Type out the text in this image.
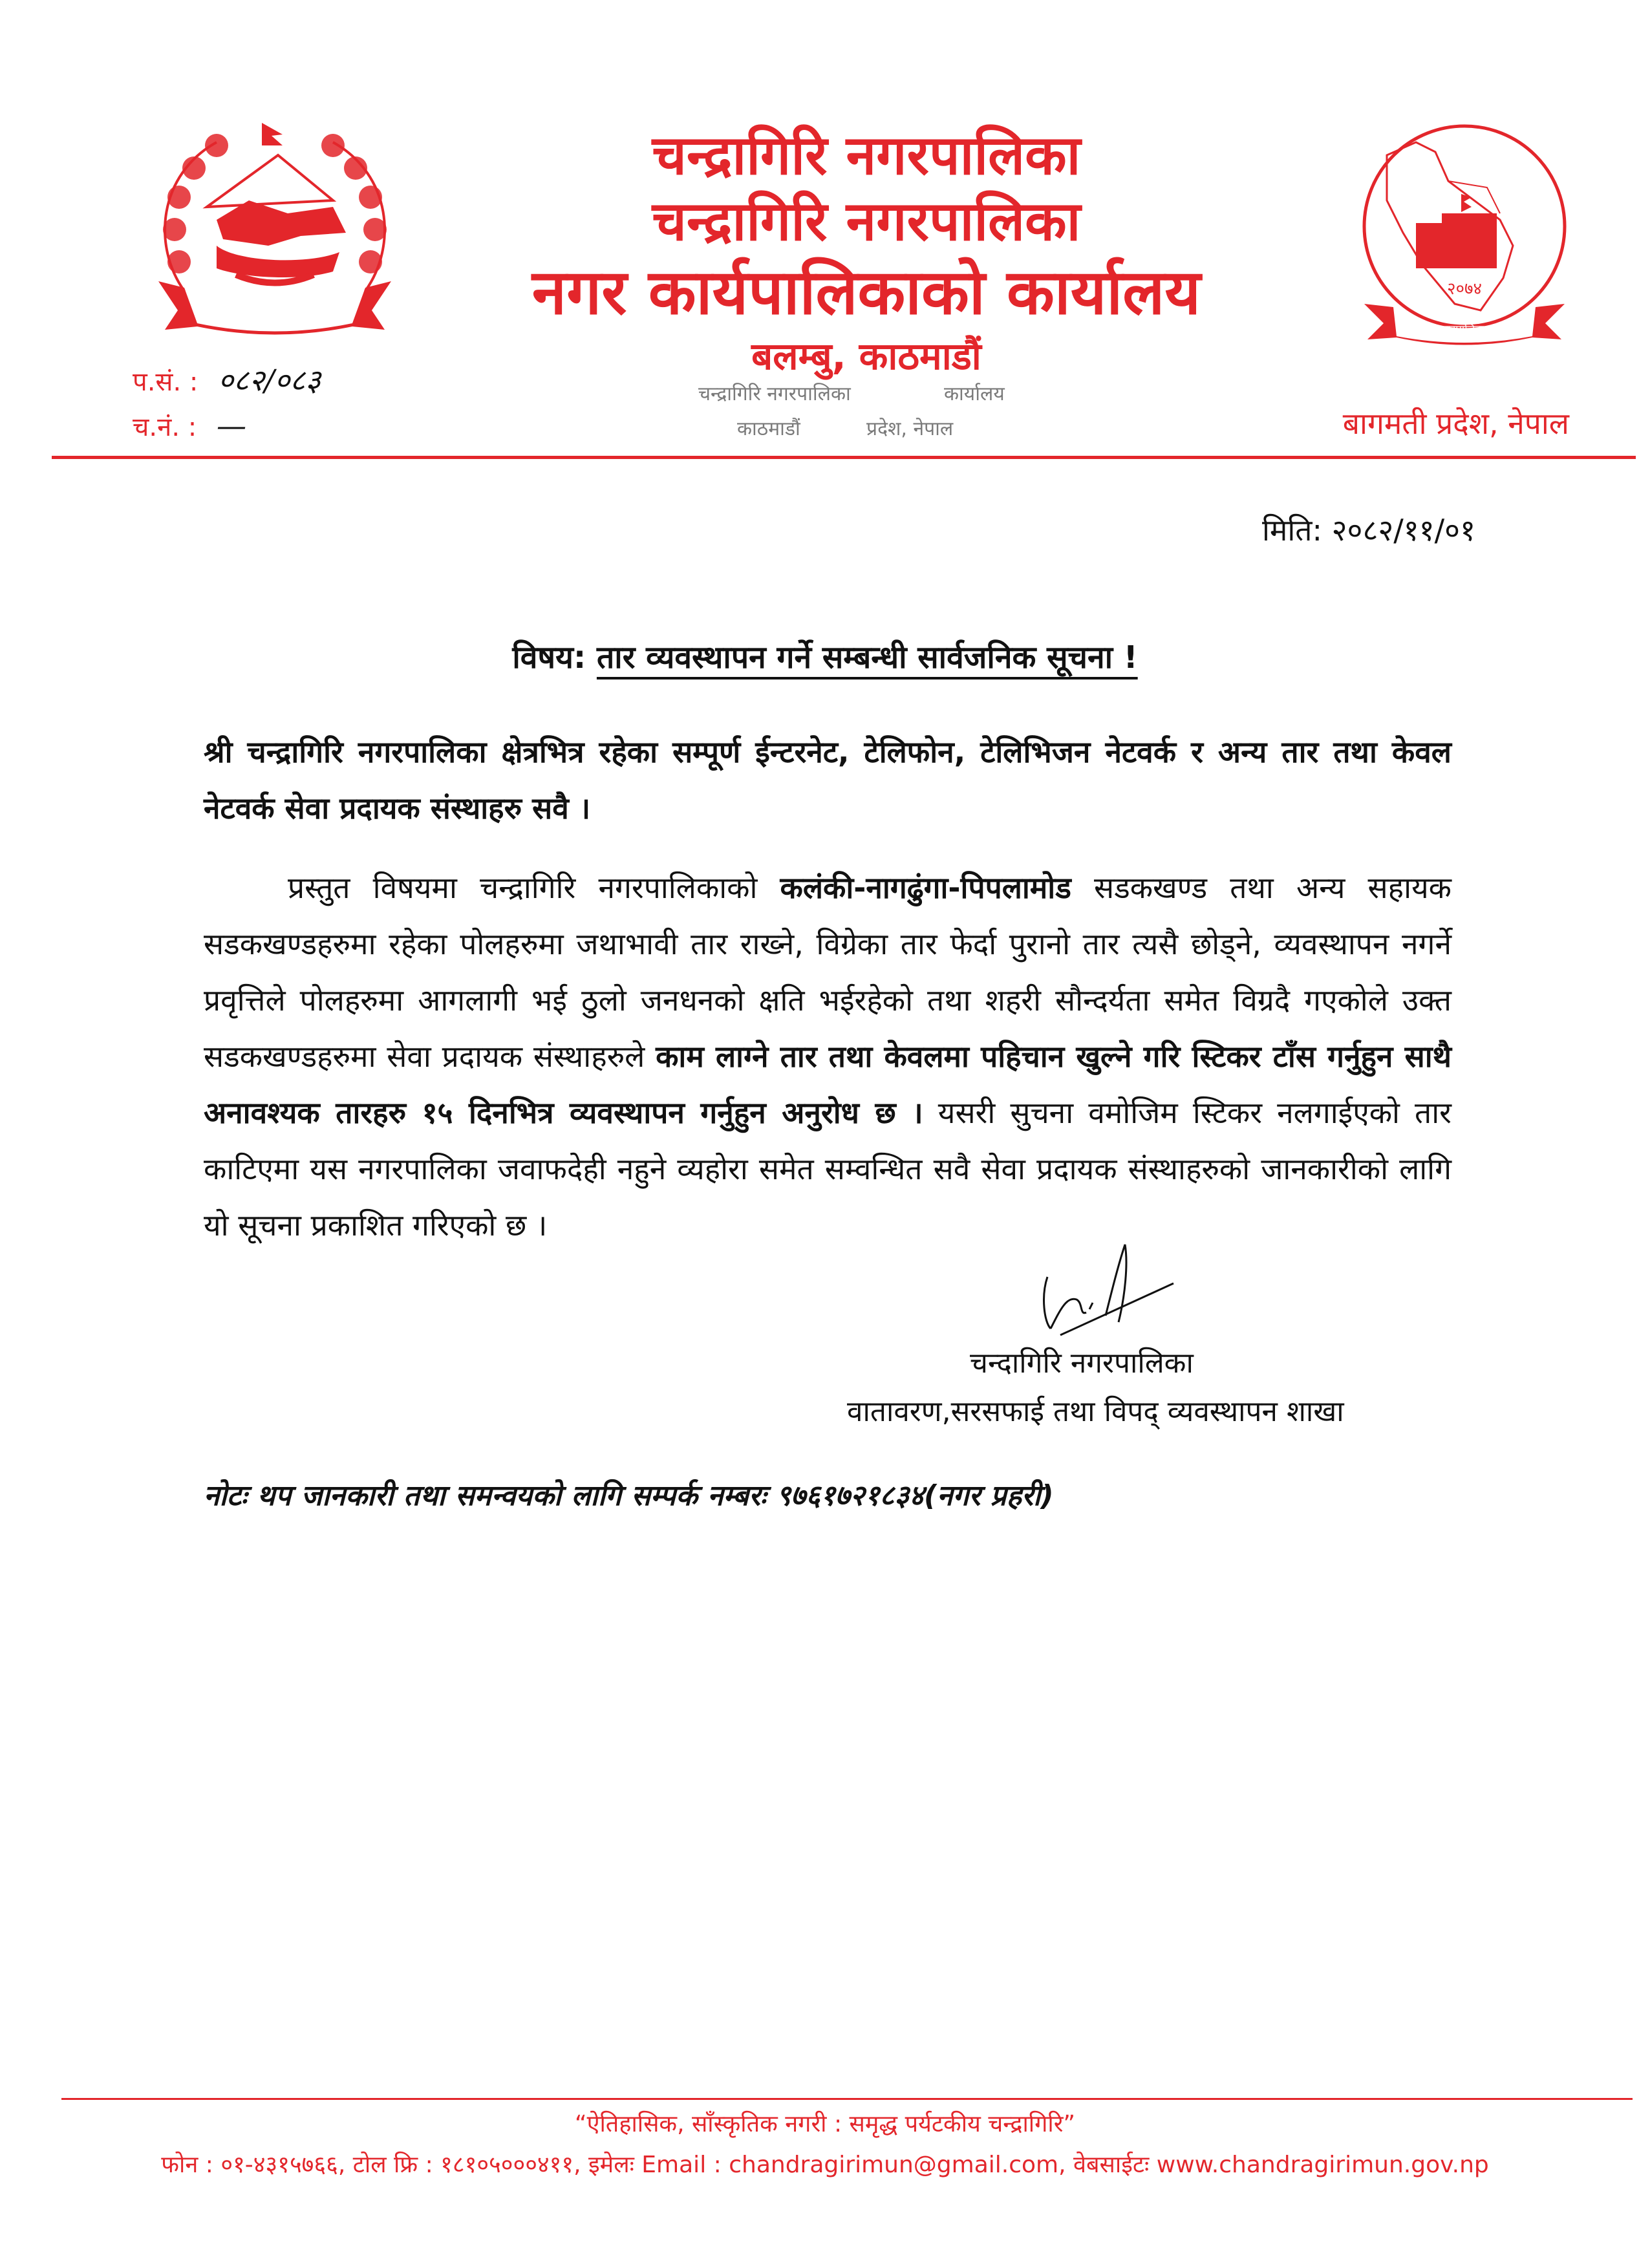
जननी जन्मभूमिश्च स्वर्गादपि गरीयसी
२०७४
चन्द्रागिरि नगरपालिका, काठमाडौं
चन्द्रागिरि नगरपालिका
चन्द्रागिरि नगरपालिका
नगर कार्यपालिकाको कार्यालय
बलम्बु, काठमाडौं
चन्द्रागिरि नगरपालिका	कार्यालय
काठमाडौं	प्रदेश, नेपाल
प.सं. : ०८२/०८३
च.नं. : —	बागमती प्रदेश, नेपाल
मिति: २०८२/११/०१
विषय: तार व्यवस्थापन गर्ने सम्बन्धी सार्वजनिक सूचना !
श्री चन्द्रागिरि नगरपालिका क्षेत्रभित्र रहेका सम्पूर्ण ईन्टरनेट, टेलिफोन, टेलिभिजन नेटवर्क र अन्य तार तथा केवल नेटवर्क सेवा प्रदायक संस्थाहरु सवै ।
प्रस्तुत विषयमा चन्द्रागिरि नगरपालिकाको कलंकी-नागढुंगा-पिपलामोड सडकखण्ड तथा अन्य सहायक सडकखण्डहरुमा रहेका पोलहरुमा जथाभावी तार राख्ने, विग्रेका तार फेर्दा पुरानो तार त्यसै छोड्ने, व्यवस्थापन नगर्ने प्रवृत्तिले पोलहरुमा आगलागी भई ठुलो जनधनको क्षति भईरहेको तथा शहरी सौन्दर्यता समेत विग्रदै गएकोले उक्त सडकखण्डहरुमा सेवा प्रदायक संस्थाहरुले काम लाग्ने तार तथा केवलमा पहिचान खुल्ने गरि स्टिकर टाँस गर्नुहुन साथै अनावश्यक तारहरु १५ दिनभित्र व्यवस्थापन गर्नुहुन अनुरोध छ । यसरी सुचना वमोजिम स्टिकर नलगाईएको तार काटिएमा यस नगरपालिका जवाफदेही नहुने व्यहोरा समेत सम्वन्धित सवै सेवा प्रदायक संस्थाहरुको जानकारीको लागि यो सूचना प्रकाशित गरिएको छ ।
चन्दागिरि नगरपालिका
वातावरण,सरसफाई तथा विपद् व्यवस्थापन शाखा
नोटः थप जानकारी तथा समन्वयको लागि सम्पर्क नम्बरः ९७६१७२१८३४(नगर प्रहरी)
“ऐतिहासिक, साँस्कृतिक नगरी : समृद्ध पर्यटकीय चन्द्रागिरि”
फोन : ०१-४३१५७६६, टोल फ्रि : १८१०५०००४११, इमेलः Email : chandragirimun@gmail.com, वेबसाईटः www.chandragirimun.gov.np
